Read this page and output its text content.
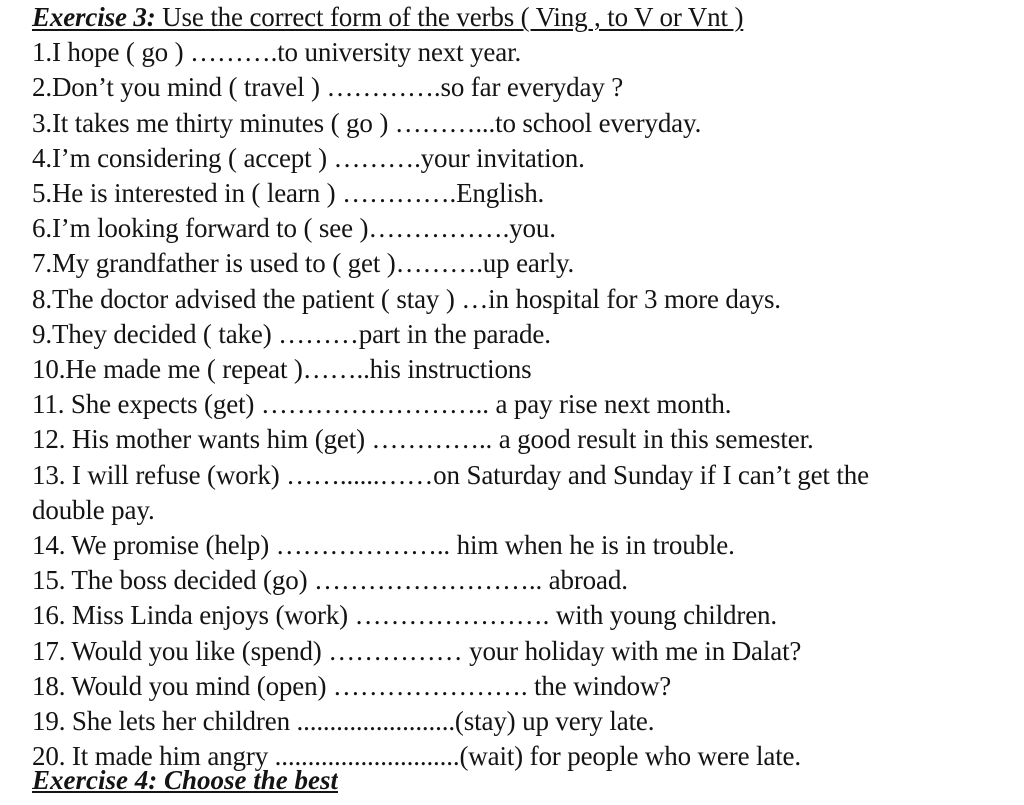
Exercise 3: Use the correct form of the verbs ( Ving , to V or Vnt )
1.I hope ( go ) ……….to university next year.
2.Don’t you mind ( travel ) ………….so far everyday ?
3.It takes me thirty minutes ( go ) ………...to school everyday.
4.I’m considering ( accept ) ……….your invitation.
5.He is interested in ( learn ) ………….English.
6.I’m looking forward to ( see )…………….you.
7.My grandfather is used to ( get )……….up early.
8.The doctor advised the patient ( stay ) …in hospital for 3 more days.
9.They decided ( take) ………part in the parade.
10.He made me ( repeat )……..his instructions
11. She expects (get) …………………….. a pay rise next month.
12. His mother wants him (get) ………….. a good result in this semester.
13. I will refuse (work) ……......……on Saturday and Sunday if I can’t get the
double pay.
14. We promise (help) ……………….. him when he is in trouble.
15. The boss decided (go) …………………….. abroad.
16. Miss Linda enjoys (work) …………………. with young children.
17. Would you like (spend) …………… your holiday with me in Dalat?
18. Would you mind (open) …………………. the window?
19. She lets her children ........................(stay) up very late.
20. It made him angry ............................(wait) for people who were late.
Exercise 4: Choose the best
